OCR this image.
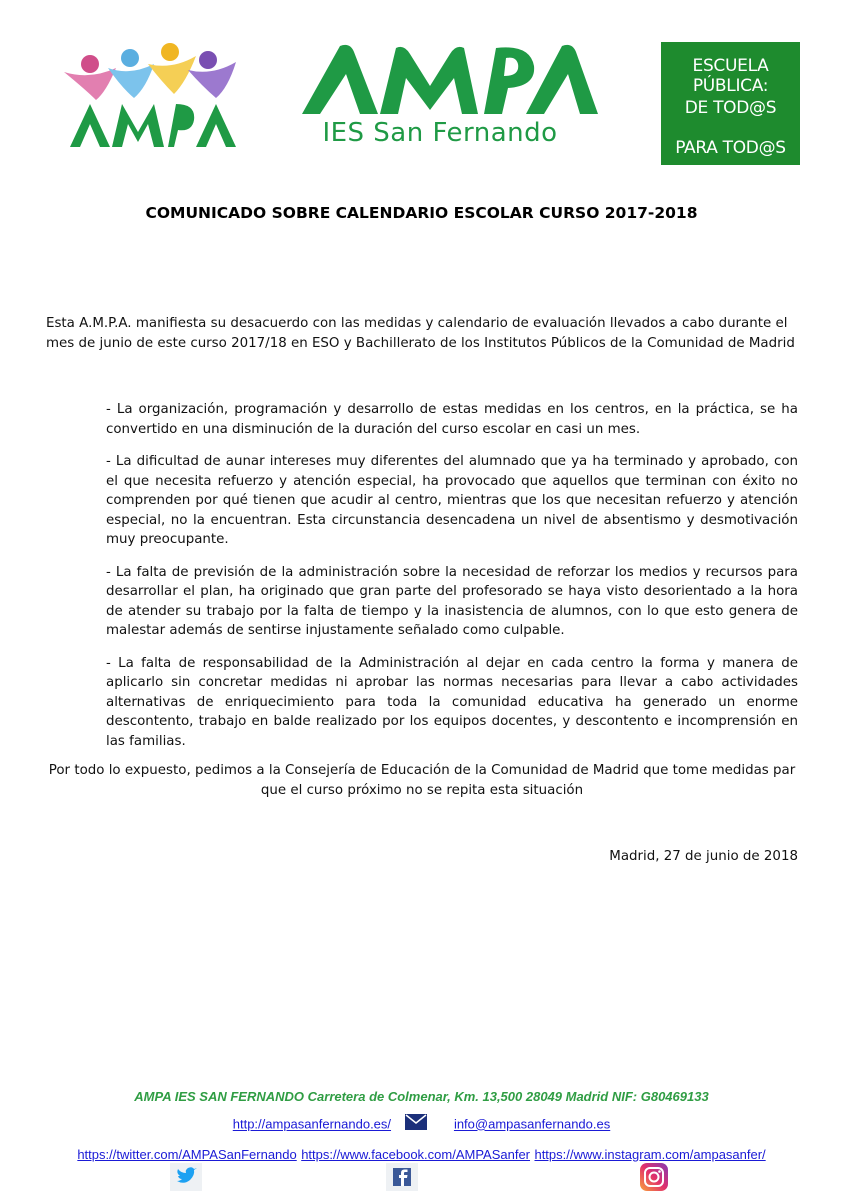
IES San Fernando
ESCUELA PÚBLICA:
DE TOD@S
PARA TOD@S
COMUNICADO SOBRE CALENDARIO ESCOLAR CURSO 2017-2018
Esta A.M.P.A. manifiesta su desacuerdo con las medidas y calendario de evaluación llevados a cabo durante el mes de junio de este curso 2017/18 en ESO y Bachillerato de los Institutos Públicos de la Comunidad de Madrid

- La organización, programación y desarrollo de estas medidas en los centros, en la práctica, se ha convertido en una disminución de la duración del curso escolar en casi un mes.

- La dificultad de aunar intereses muy diferentes del alumnado que ya ha terminado y aprobado, con el que necesita refuerzo y atención especial, ha provocado que aquellos que terminan con éxito no comprenden por qué tienen que acudir al centro, mientras que los que necesitan refuerzo y atención especial, no la encuentran. Esta circunstancia desencadena un nivel de absentismo y desmotivación muy preocupante.

- La falta de previsión de la administración sobre la necesidad de reforzar los medios y recursos para desarrollar el plan, ha originado que gran parte del profesorado se haya visto desorientado a la hora de atender su trabajo por la falta de tiempo y la inasistencia de alumnos, con lo que esto genera de malestar además de sentirse injustamente señalado como culpable.

- La falta de responsabilidad de la Administración al dejar en cada centro la forma y manera de aplicarlo sin concretar medidas ni aprobar las normas necesarias para llevar a cabo actividades alternativas de enriquecimiento para toda la comunidad educativa ha generado un enorme descontento, trabajo en balde realizado por los equipos docentes, y descontento e incomprensión en las familias.

Por todo lo expuesto, pedimos a la Consejería de Educación de la Comunidad de Madrid que tome medidas par que el curso próximo no se repita esta situación
Madrid, 27 de junio de 2018
AMPA IES SAN FERNANDO Carretera de Colmenar, Km. 13,500 28049 Madrid NIF: G80469133
http://ampasanfernando.es/	info@ampasanfernando.es
https://twitter.com/AMPASanFernando https://www.facebook.com/AMPASanfer https://www.instagram.com/ampasanfer/
